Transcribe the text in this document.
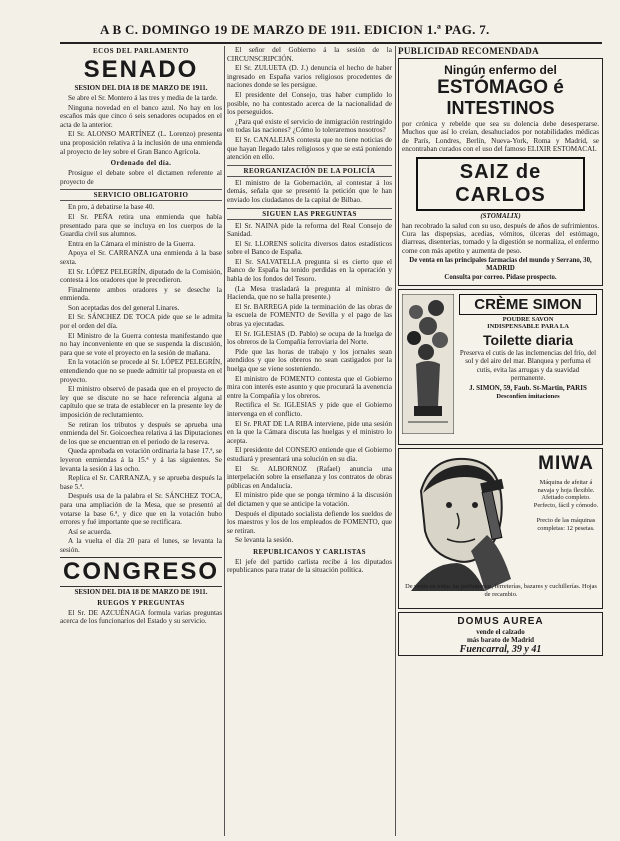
A B C. DOMINGO 19 DE MARZO DE 1911. EDICION 1.ª PAG. 7.
ECOS DEL PARLAMENTO
SENADO
SESION DEL DIA 18 DE MARZO DE 1911.

Se abre el Sr. Montero á las tres y media de la tarde.

Ninguna novedad en el banco azul. No hay en los escaños más que cinco ó seis senadores ocupados en el acta de la anterior.

El Sr. ALONSO MARTÍNEZ (L. Lorenzo) presenta una proposición relativa á la inclusión de una enmienda al proyecto de ley sobre el Gran Banco Agrícola.

Ordenado del día.

Prosigue el debate sobre el dictamen referente al proyecto de

SERVICIO OBLIGATORIO

En pro, á debatirse la base 40.

El Sr. PEÑA retira una enmienda que había presentado para que se incluya en los cuerpos de la Guardia civil sus alumnos.

Entra en la Cámara el ministro de la Guerra.

Apoya el Sr. CARRANZA una enmienda á la base sexta.

El Sr. LÓPEZ PELEGRÍN, diputado de la Comisión, contesta á los oradores que le precedieron.

Finalmente ambos oradores y se deseche la enmienda.

Son aceptadas dos del general Linares.

El Sr. SÁNCHEZ DE TOCA pide que se le admita por el orden del día.

El Ministro de la Guerra contesta manifestando que no hay inconveniente en que se suspenda la discusión, para que se vote el proyecto en la sesión de mañana.

En la votación se procede al Sr. LÓPEZ PELEGRÍN, entendiendo que no se puede admitir tal propuesta en el proyecto.

El ministro observó de pasada que en el proyecto de ley que se discute no se hace referencia alguna al capítulo que se trata de establecer en la presente ley de imposición de reclutamiento.

Se retiran los tributos y después se aprueba una enmienda del Sr. Goicoechea relativa á las Diputaciones de los que se encuentran en el periodo de la reserva.

Queda aprobada en votación ordinaria la base 17.ª, se leyeron enmiendas á la 15.ª y á las siguientes. Se levanta la sesión á las ocho.

Replica el Sr. CARRANZA, y se aprueba después la base 5.ª.

Después usa de la palabra el Sr. SÁNCHEZ TOCA, para una ampliación de la Mesa, que se presentó al votarse la base 6.ª, y dice que en la votación hubo errores y fué importante que se rectificara.

Así se acuerda.

A la vuelta el día 20 para el lunes, se levanta la sesión.

CONGRESO
SESION DEL DIA 18 DE MARZO DE 1911.
RUEGOS Y PREGUNTAS

El Sr. DE AZCUÉNAGA formula varias preguntas acerca de los funcionarios del Estado y su servicio.

El señor del Gobierno á la sesión de la CIRCUNSCRIPCIÓN.

El Sr. ZULUETA (D. J.) denuncia el hecho de haber ingresado en España varios religiosos procedentes de naciones donde se les persigue.

El presidente del Consejo, tras haber cumplido lo posible, no ha contestado acerca de la nacionalidad de los perseguidos.

¿Para qué existe el servicio de inmigración restringido en todas las naciones? ¿Cómo lo toleraremos nosotros?

El Sr. CANALEJAS contesta que no tiene noticias de que hayan llegado tales religiosos y que se está poniendo atención en ello.

REORGANIZACIÓN DE LA POLICÍA

El ministro de la Gobernación, al contestar á los demás, señala que se presentó la petición que le han enviado los ciudadanos de la capital de Bilbao.

SIGUEN LAS PREGUNTAS

El Sr. NAINA pide la reforma del Real Consejo de Sanidad.

El Sr. LLORENS solicita diversos datos estadísticos sobre el Banco de España.

El Sr. SALVATELLA pregunta si es cierto que el Banco de España ha tenido perdidas en la operación y habla de los fondos del Tesoro.

(La Mesa trasladará la pregunta al ministro de Hacienda, que no se halla presente.)

El Sr. BARREGA pide la terminación de las obras de la escuela de FOMENTO de Sevilla y el pago de las obras ya ejecutadas.

El Sr. IGLESIAS (D. Pablo) se ocupa de la huelga de los obreros de la Compañía ferroviaria del Norte.

Pide que las horas de trabajo y los jornales sean atendidos y que los obreros no sean castigados por la huelga que se viene sosteniendo.

El ministro de FOMENTO contesta que el Gobierno mira con interés este asunto y que procurará la avenencia entre la Compañía y los obreros.

Rectifica el Sr. IGLESIAS y pide que el Gobierno intervenga en el conflicto.

El Sr. PRAT DE LA RIBA interviene, pide una sesión en la que la Cámara discuta las huelgas y el ministro lo acepta.

El presidente del CONSEJO entiende que el Gobierno estudiará y presentará una solución en su día.

El Sr. ALBORNOZ (Rafael) anuncia una interpelación sobre la enseñanza y los contratos de obras públicas en Andalucía.

El ministro pide que se ponga término á la discusión del dictamen y que se anticipe la votación.

Después el diputado socialista defiende los sueldos de los maestros y los de los empleados de FOMENTO, que se retiran.

Se levanta la sesión.

REPUBLICANOS Y CARLISTAS

El jefe del partido carlista recibe á los diputados republicanos para tratar de la situación política.

PUBLICIDAD RECOMENDADA
Ningún enfermo del
ESTÓMAGO é
INTESTINOS

por crónica y rebelde que sea su dolencia debe desesperarse. Muchos que así lo creían, desahuciados por notabilidades médicas de París, Londres, Berlín, Nueva-York, Roma y Madrid, se encontraban curados con el uso del famoso ELIXIR ESTOMACAL

SAIZ de CARLOS
(STOMALIX)

han recobrado la salud con su uso, después de años de sufrimientos. Cura las dispepsias, acedias, vómitos, úlceras del estómago, diarreas, disenterías, tomado y la digestión se normaliza, el enfermo come con más apetito y aumenta de peso.

De venta en las principales farmacias del mundo y Serrano, 30, MADRID
Consulta por correo. Pídase prospecto.
CRÈME SIMON
POUDRE SAVON
INDISPENSABLE PARA LA
Toilette diaria

Preserva el cutis de las inclemencias del frío, del sol y del aire del mar. Blanquea y perfuma el cutis, evita las arrugas y da suavidad permanente.

J. SIMON, 59, Faub. St-Martin, PARIS
Desconfíen imitaciones
MIWA
Máquina de afeitar á navaja y hoja flexible. Afeitado completo. Perfecto, fácil y cómodo.

Precio de las máquinas completas: 12 pesetas.
De venta en todas las perfumerías, ferreterías, bazares y cuchillerías. Hojas de recambio.
DOMUS AUREA
vende el calzado
más barato de Madrid
Fuencarral, 39 y 41
